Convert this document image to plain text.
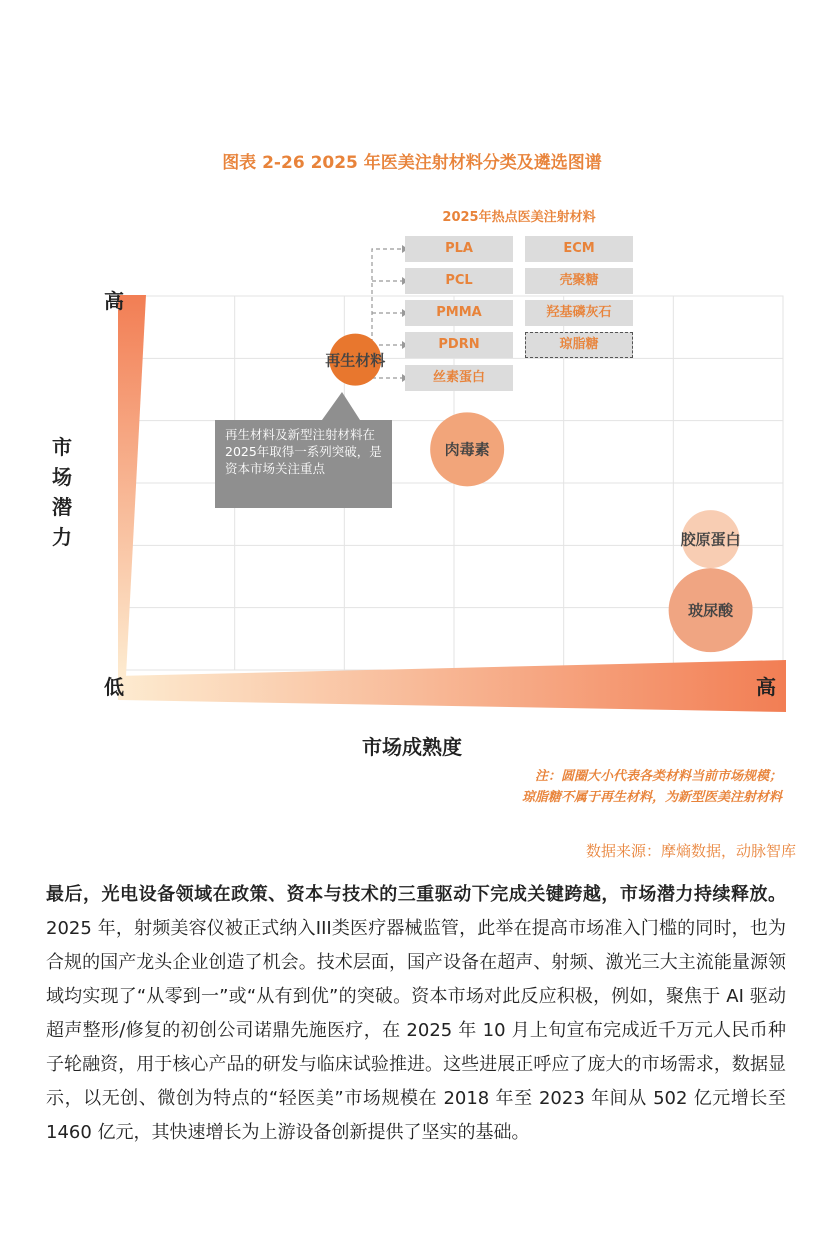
图表 2-26 2025 年医美注射材料分类及遴选图谱
高
低	高
市场潜力
市场成熟度
2025年热点医美注射材料
PLA
PCL
PMMA
PDRN
丝素蛋白
ECM
壳聚糖
羟基磷灰石
琼脂糖
再生材料及新型注射材料在2025年取得一系列突破，是资本市场关注重点
再生材料
肉毒素
胶原蛋白
玻尿酸
注：圆圈大小代表各类材料当前市场规模；
琼脂糖不属于再生材料，为新型医美注射材料
数据来源：摩熵数据，动脉智库
最后，光电设备领域在政策、资本与技术的三重驱动下完成关键跨越，市场潜力持续释放。 2025 年，射频美容仪被正式纳入III类医疗器械监管，此举在提高市场准入门槛的同时，也为合规的国产龙头企业创造了机会。技术层面，国产设备在超声、射频、激光三大主流能量源领域均实现了“从零到一”或“从有到优”的突破。资本市场对此反应积极，例如，聚焦于 AI 驱动超声整形/修复的初创公司诺鼎先施医疗，在 2025 年 10 月上旬宣布完成近千万元人民币种子轮融资，用于核心产品的研发与临床试验推进。这些进展正呼应了庞大的市场需求，数据显示，以无创、微创为特点的“轻医美”市场规模在 2018 年至 2023 年间从 502 亿元增长至 1460 亿元，其快速增长为上游设备创新提供了坚实的基础。
